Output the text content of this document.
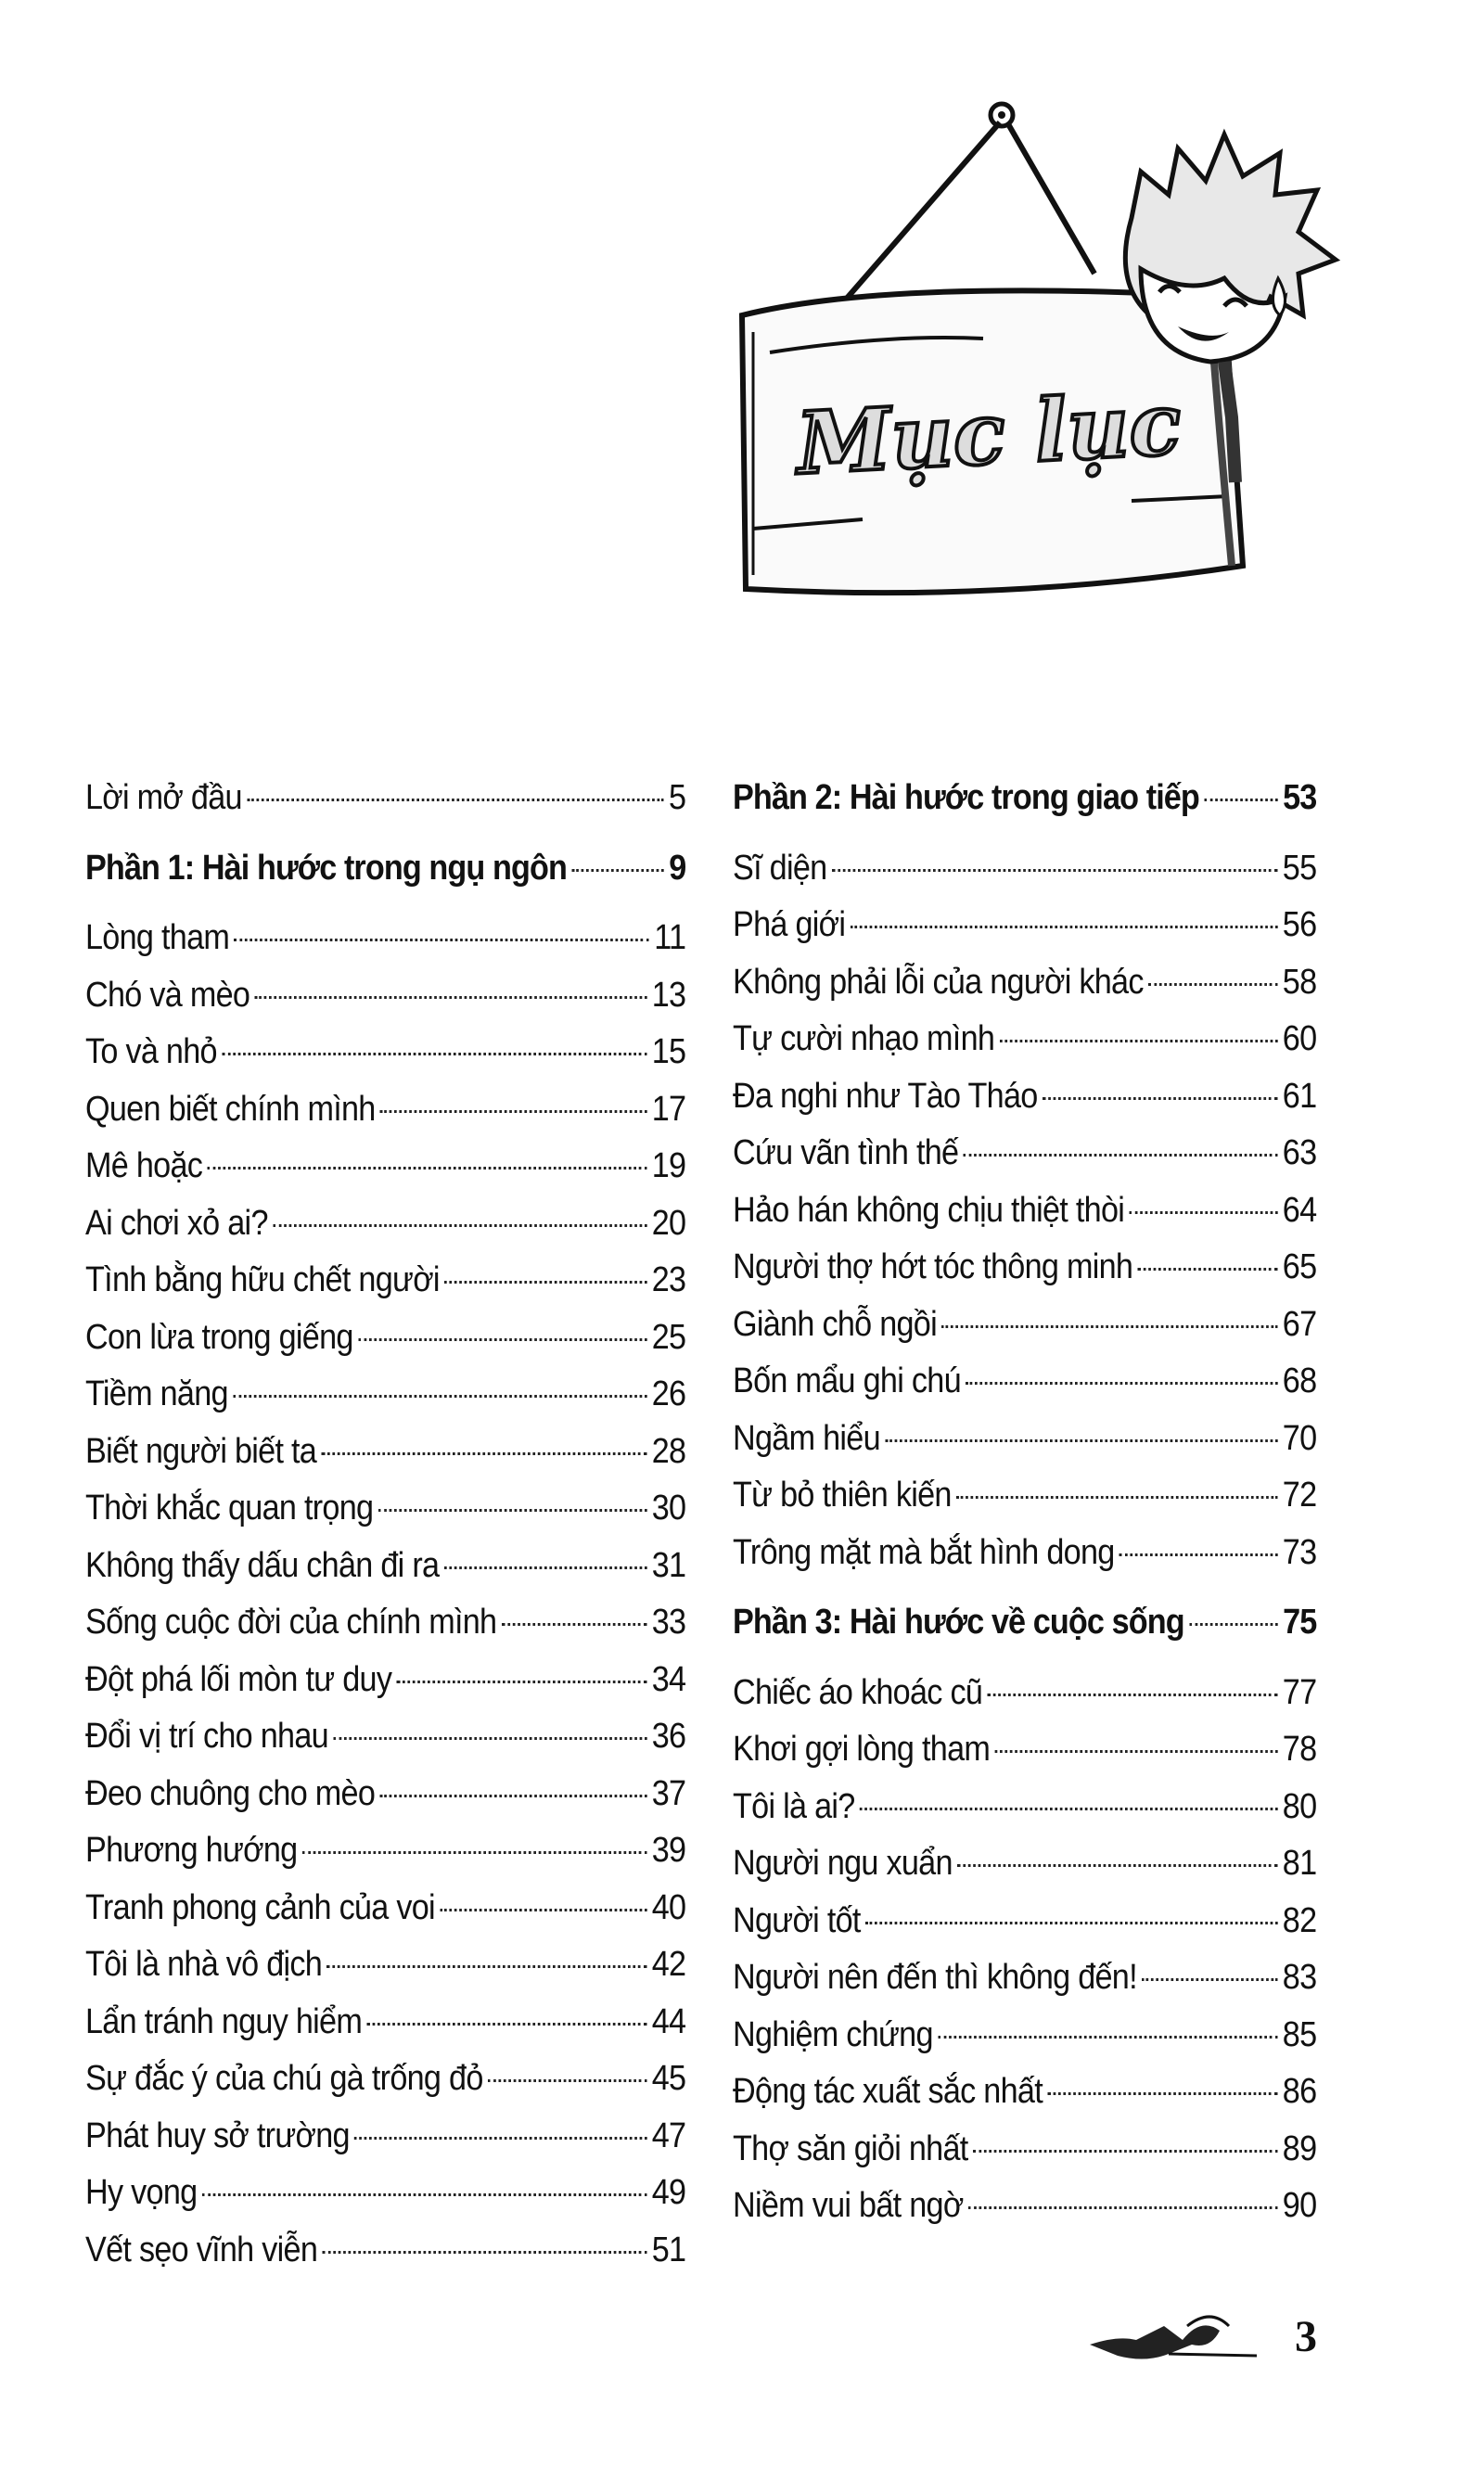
Mục lục
Lời mở đầu	5
Phần 1: Hài hước trong ngụ ngôn	9
Lòng tham	11
Chó và mèo	13
To và nhỏ	15
Quen biết chính mình	17
Mê hoặc	19
Ai chơi xỏ ai?	20
Tình bằng hữu chết người	23
Con lừa trong giếng	25
Tiềm năng	26
Biết người biết ta	28
Thời khắc quan trọng	30
Không thấy dấu chân đi ra	31
Sống cuộc đời của chính mình	33
Đột phá lối mòn tư duy	34
Đổi vị trí cho nhau	36
Đeo chuông cho mèo	37
Phương hướng	39
Tranh phong cảnh của voi	40
Tôi là nhà vô địch	42
Lẩn tránh nguy hiểm	44
Sự đắc ý của chú gà trống đỏ	45
Phát huy sở trường	47
Hy vọng	49
Vết sẹo vĩnh viễn	51
Phần 2: Hài hước trong giao tiếp 53
Sĩ diện	55
Phá giới	56
Không phải lỗi của người khác	58
Tự cười nhạo mình	60
Đa nghi như Tào Tháo	61
Cứu vãn tình thế	63
Hảo hán không chịu thiệt thòi	64
Người thợ hớt tóc thông minh	65
Giành chỗ ngồi	67
Bốn mẩu ghi chú	68
Ngầm hiểu	70
Từ bỏ thiên kiến	72
Trông mặt mà bắt hình dong	73
Phần 3: Hài hước về cuộc sống	75
Chiếc áo khoác cũ	77
Khơi gợi lòng tham	78
Tôi là ai?	80
Người ngu xuẩn	81
Người tốt	82
Người nên đến thì không đến!	83
Nghiệm chứng	85
Động tác xuất sắc nhất	86
Thợ săn giỏi nhất	89
Niềm vui bất ngờ	90
3
